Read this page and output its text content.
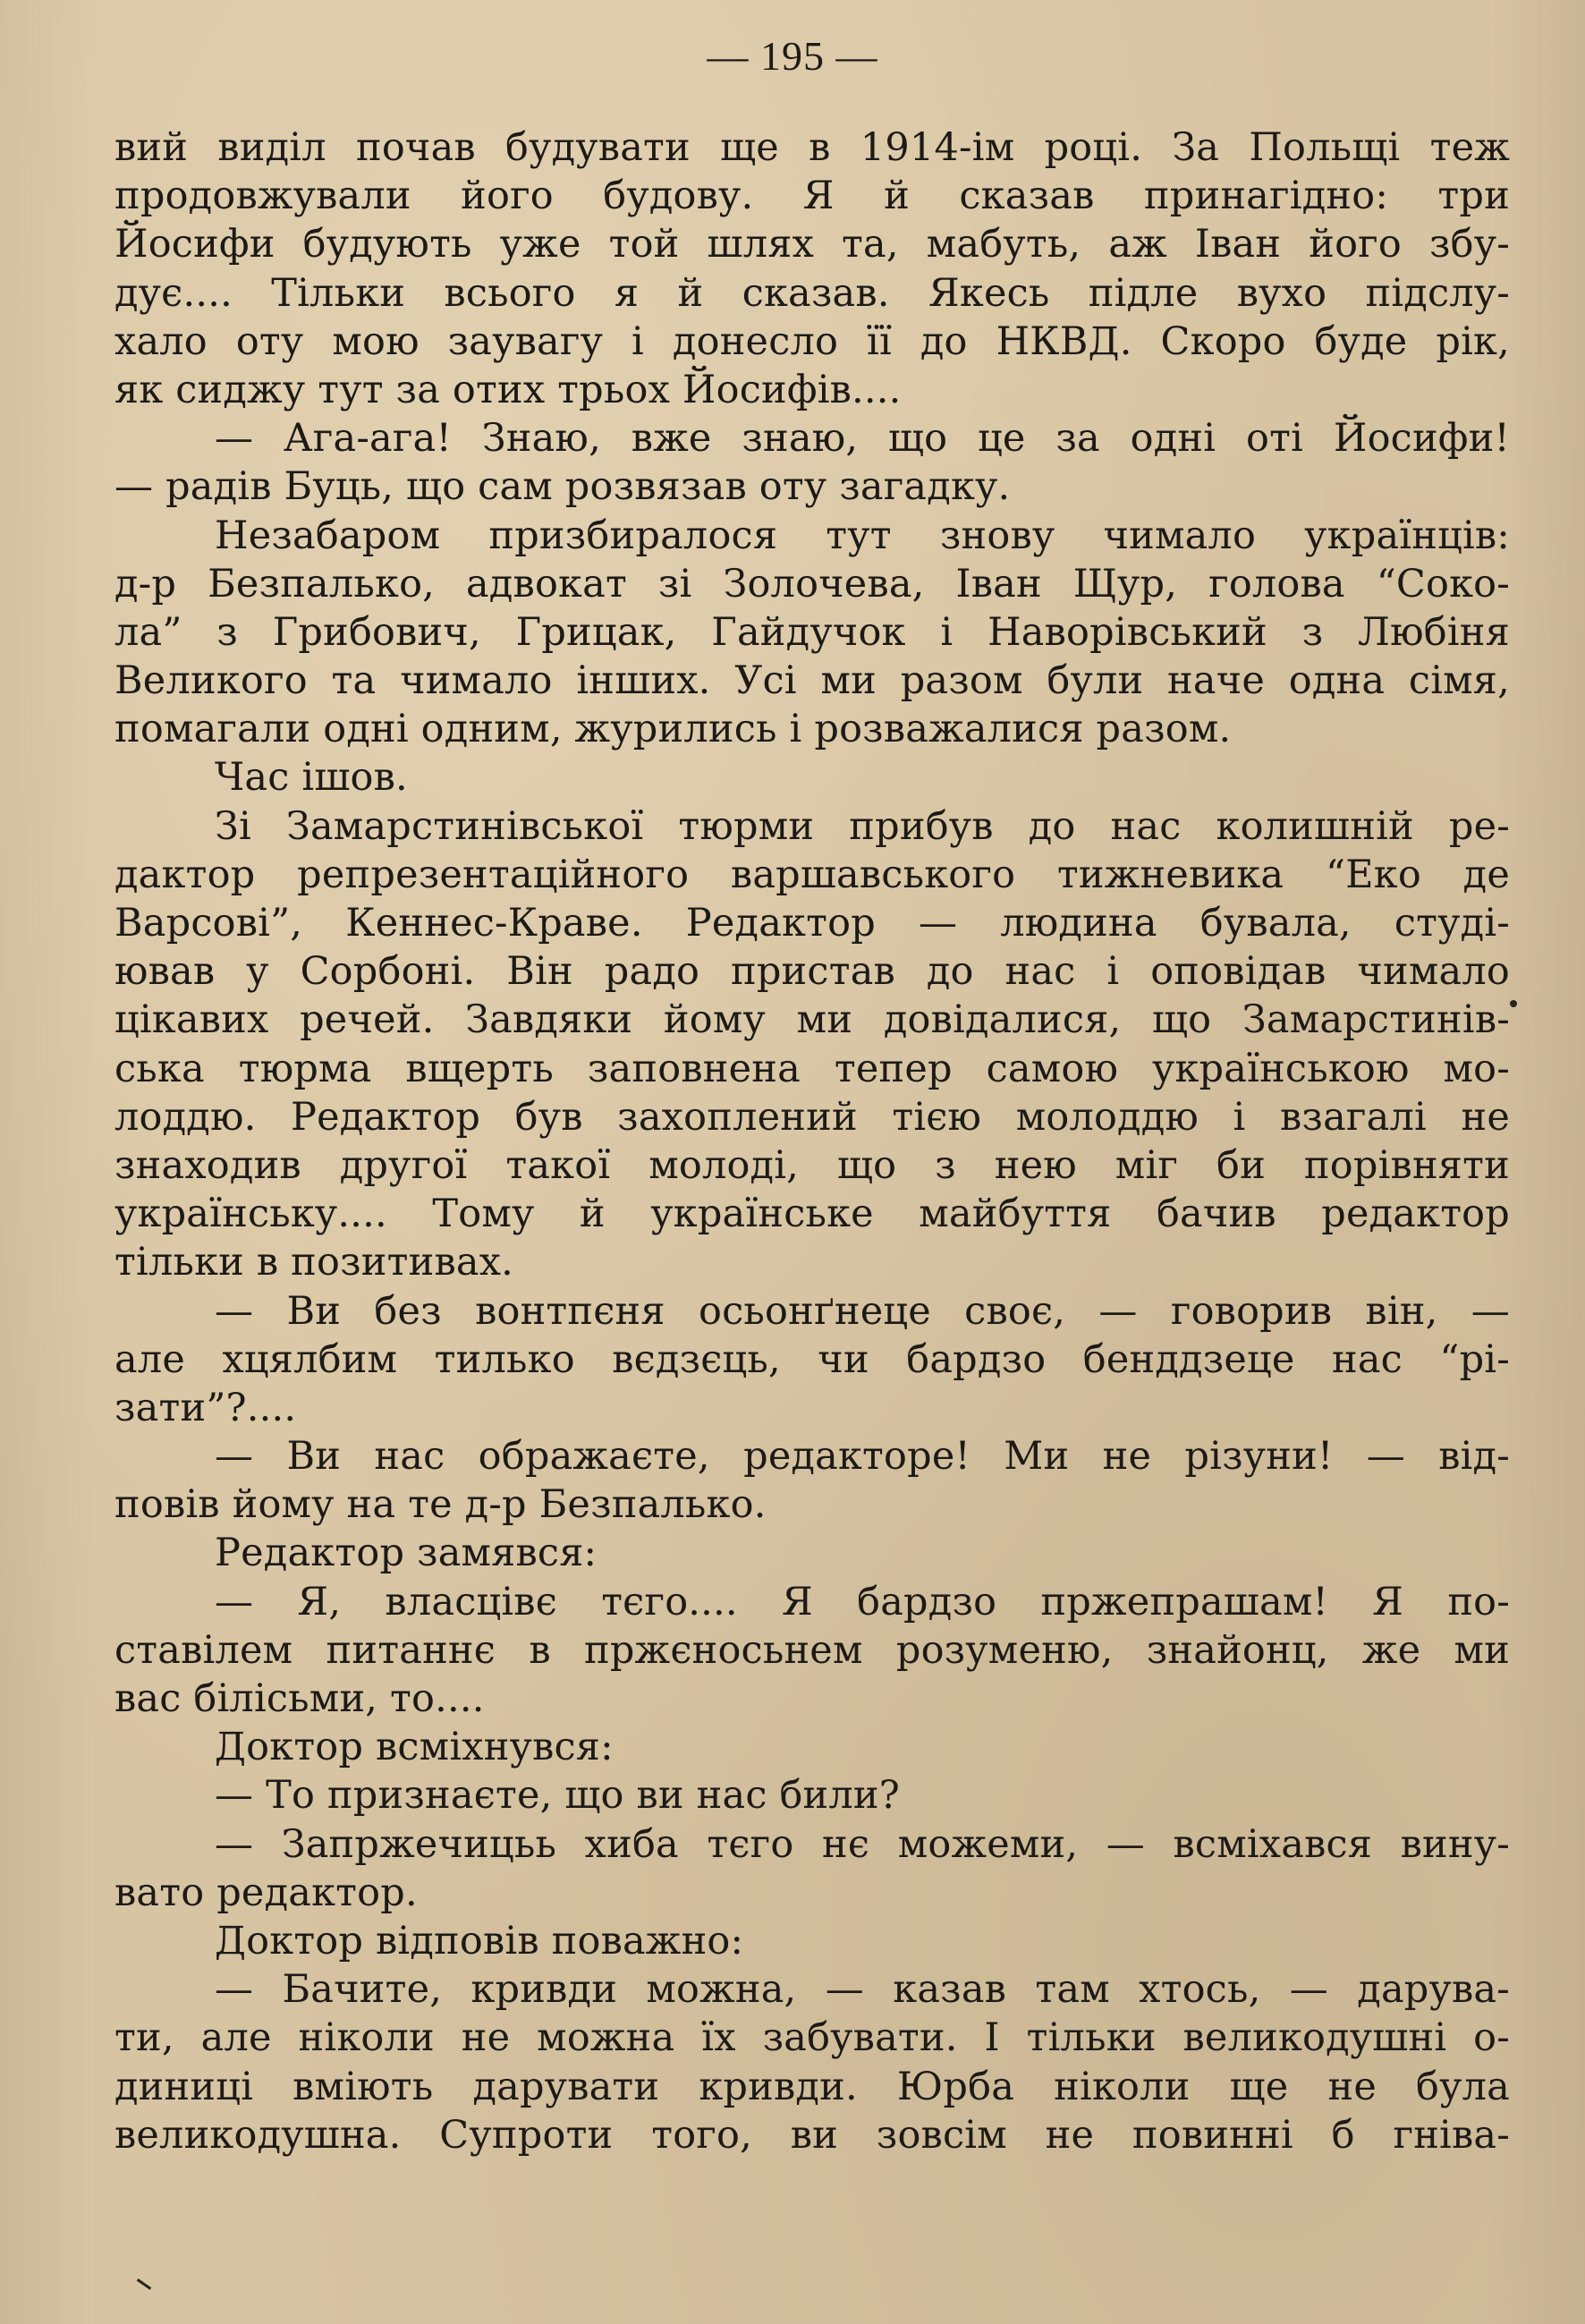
— 195 —
вий виділ почав будувати ще в 1914-ім році. За Польщі теж
продовжували його будову. Я й сказав принагідно: три
Йосифи будують уже той шлях та, мабуть, аж Іван його збу-
дує.... Тільки всього я й сказав. Якесь підле вухо підслу-
хало оту мою заувагу і донесло її до НКВД. Скоро буде рік,
як сиджу тут за отих трьох Йосифів....
— Ага-ага! Знаю, вже знаю, що це за одні оті Йосифи!
— радів Буць, що сам розвязав оту загадку.
Незабаром призбиралося тут знову чимало українців:
д-р Безпалько, адвокат зі Золочева, Іван Щур, голова “Соко-
ла” з Грибович, Грицак, Гайдучок і Наворівський з Любіня
Великого та чимало інших. Усі ми разом були наче одна сімя,
помагали одні одним, журились і розважалися разом.
Час ішов.
Зі Замарстинівської тюрми прибув до нас колишній ре-
дактор репрезентаційного варшавського тижневика “Еко де
Варсові”, Кеннес-Краве. Редактор — людина бувала, студі-
ював у Сорбоні. Він радо пристав до нас і оповідав чимало
цікавих речей. Завдяки йому ми довідалися, що Замарстинів-
ська тюрма вщерть заповнена тепер самою українською мо-
лоддю. Редактор був захоплений тією молоддю і взагалі не
знаходив другої такої молоді, що з нею міг би порівняти
українську.... Тому й українське майбуття бачив редактор
тільки в позитивах.
— Ви без вонтпєня осьонґнеце своє, — говорив він, —
але хцялбим тилько вєдзєць, чи бардзо бенддзеце нас “рі-
зати”?....
— Ви нас ображаєте, редакторе! Ми не різуни! — від-
повів йому на те д-р Безпалько.
Редактор замявся:
— Я, власцівє тєго.... Я бардзо пржепрашам! Я по-
ставілем питаннє в пржєносьнем розуменю, знайонц, же ми
вас білісьми, то....
Доктор всміхнувся:
— То признаєте, що ви нас били?
— Запржечицьь хиба тєго нє можеми, — всміхався вину-
вато редактор.
Доктор відповів поважно:
— Бачите, кривди можна, — казав там хтось, — дарува-
ти, але ніколи не можна їх забувати. І тільки великодушні о-
диниці вміють дарувати кривди. Юрба ніколи ще не була
великодушна. Супроти того, ви зовсім не повинні б гніва-
